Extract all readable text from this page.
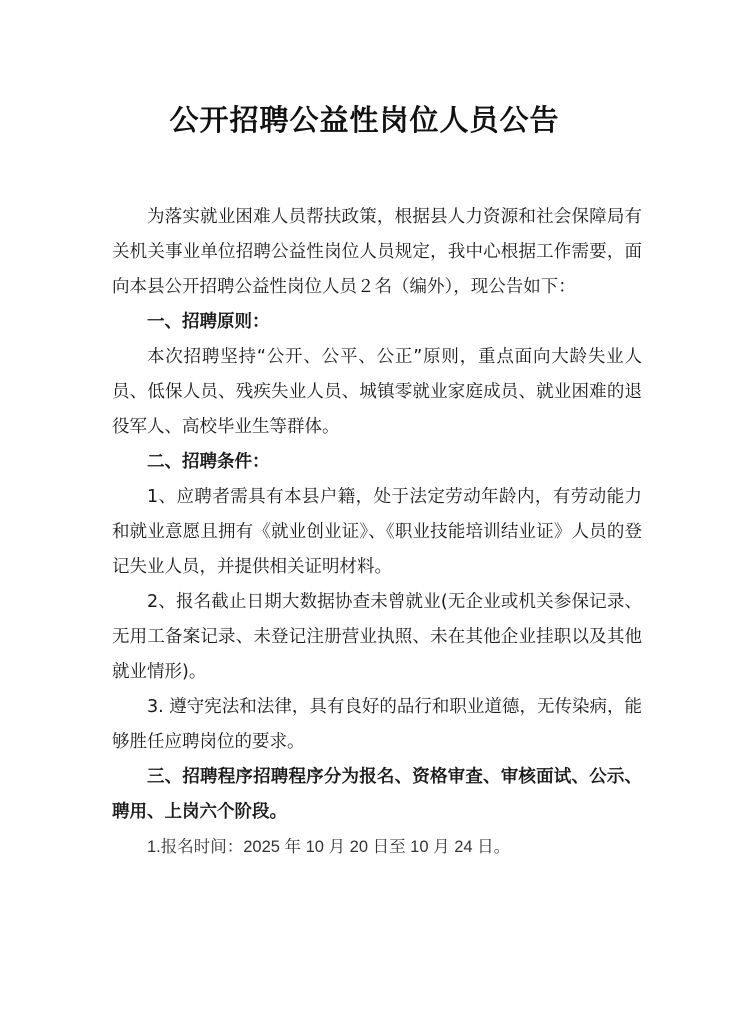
公开招聘公益性岗位人员公告

为落实就业困难人员帮扶政策，根据县人力资源和社会保障局有关机关事业单位招聘公益性岗位人员规定，我中心根据工作需要，面向本县公开招聘公益性岗位人员２名（编外），现公告如下：

一、招聘原则：

本次招聘坚持“公开、公平、公正”原则，重点面向大龄失业人员、低保人员、残疾失业人员、城镇零就业家庭成员、就业困难的退役军人、高校毕业生等群体。

二、招聘条件：

1、应聘者需具有本县户籍，处于法定劳动年龄内，有劳动能力和就业意愿且拥有《就业创业证》、《职业技能培训结业证》人员的登记失业人员，并提供相关证明材料。

2、报名截止日期大数据协查未曾就业(无企业或机关参保记录、无用工备案记录、未登记注册营业执照、未在其他企业挂职以及其他就业情形)。

3. 遵守宪法和法律，具有良好的品行和职业道德，无传染病，能够胜任应聘岗位的要求。

三、招聘程序招聘程序分为报名、资格审查、审核面试、公示、聘用、上岗六个阶段。

1.报名时间：2025 年 10 月 20 日至 10 月 24 日。
